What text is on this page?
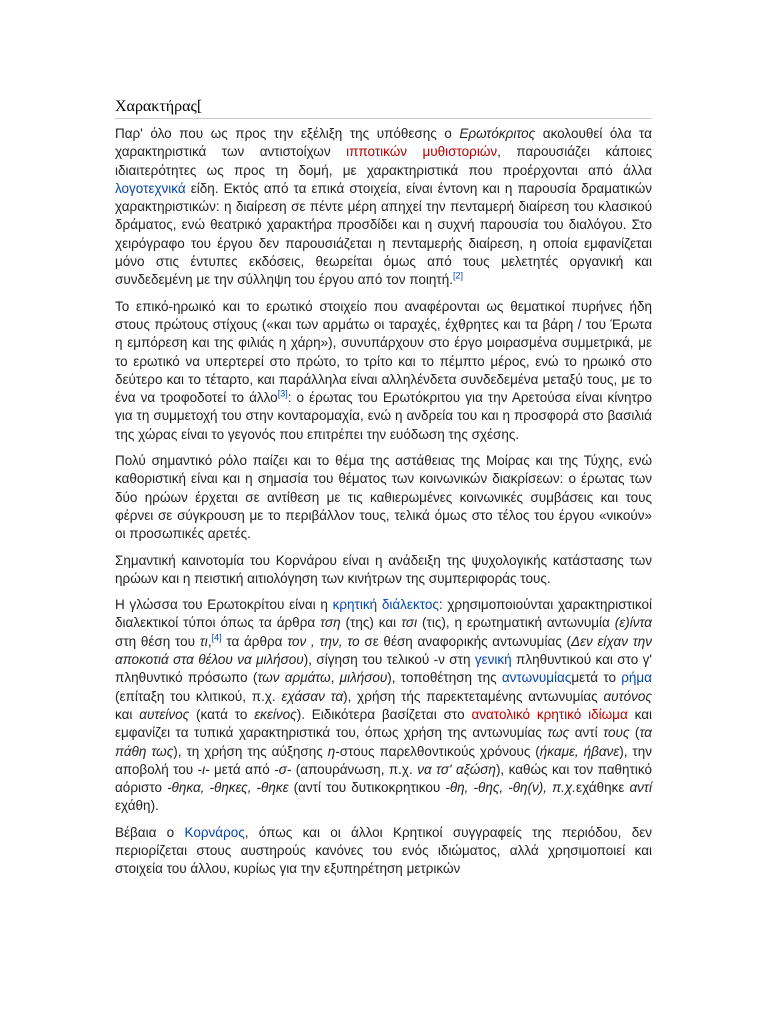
Χαρακτήρας[

Παρ' όλο που ως προς την εξέλιξη της υπόθεσης ο Ερωτόκριτος ακολουθεί όλα τα χαρακτηριστικά των αντιστοίχων ιπποτικών μυθιστοριών, παρουσιάζει κάποιες ιδιαιτερότητες ως προς τη δομή, με χαρακτηριστικά που προέρχονται από άλλα λογοτεχνικά είδη. Εκτός από τα επικά στοιχεία, είναι έντονη και η παρουσία δραματικών χαρακτηριστικών: η διαίρεση σε πέντε μέρη απηχεί την πενταμερή διαίρεση του κλασικού δράματος, ενώ θεατρικό χαρακτήρα προσδίδει και η συχνή παρουσία του διαλόγου. Στο χειρόγραφο του έργου δεν παρουσιάζεται η πενταμερής διαίρεση, η οποία εμφανίζεται μόνο στις έντυπες εκδόσεις, θεωρείται όμως από τους μελετητές οργανική και συνδεδεμένη με την σύλληψη του έργου από τον ποιητή.[2]

Το επικό-ηρωικό και το ερωτικό στοιχείο που αναφέρονται ως θεματικοί πυρήνες ήδη στους πρώτους στίχους («και των αρμάτω οι ταραχές, έχθρητες και τα βάρη / του Έρωτα η εμπόρεση και της φιλιάς η χάρη»), συνυπάρχουν στο έργο μοιρασμένα συμμετρικά, με το ερωτικό να υπερτερεί στο πρώτο, το τρίτο και το πέμπτο μέρος, ενώ το ηρωικό στο δεύτερο και το τέταρτο, και παράλληλα είναι αλληλένδετα συνδεδεμένα μεταξύ τους, με το ένα να τροφοδοτεί το άλλο[3]: ο έρωτας του Ερωτόκριτου για την Αρετούσα είναι κίνητρο για τη συμμετοχή του στην κονταρομαχία, ενώ η ανδρεία του και η προσφορά στο βασιλιά της χώρας είναι το γεγονός που επιτρέπει την ευόδωση της σχέσης.

Πολύ σημαντικό ρόλο παίζει και το θέμα της αστάθειας της Μοίρας και της Τύχης, ενώ καθοριστική είναι και η σημασία του θέματος των κοινωνικών διακρίσεων: ο έρωτας των δύο ηρώων έρχεται σε αντίθεση με τις καθιερωμένες κοινωνικές συμβάσεις και τους φέρνει σε σύγκρουση με το περιβάλλον τους, τελικά όμως στο τέλος του έργου «νικούν» οι προσωπικές αρετές.

Σημαντική καινοτομία του Κορνάρου είναι η ανάδειξη της ψυχολογικής κατάστασης των ηρώων και η πειστική αιτιολόγηση των κινήτρων της συμπεριφοράς τους.

Η γλώσσα του Ερωτοκρίτου είναι η κρητική διάλεκτος: χρησιμοποιούνται χαρακτηριστικοί διαλεκτικοί τύποι όπως τα άρθρα τση (της) και τσι (τις), η ερωτηματική αντωνυμία (ε)ίντα στη θέση του τι,[4] τα άρθρα τον , την, το σε θέση αναφορικής αντωνυμίας (Δεν είχαν την αποκοτιά στα θέλου να μιλήσου), σίγηση του τελικού -ν στη γενική πληθυντικού και στο γ' πληθυντικό πρόσωπο (των αρμάτω, μιλήσου), τοποθέτηση της αντωνυμίαςμετά το ρήμα (επίταξη του κλιτικού, π.χ. εχάσαν τα), χρήση τής παρεκτεταμένης αντωνυμίας αυτόνος και αυτείνος (κατά το εκείνος). Ειδικότερα βασίζεται στο ανατολικό κρητικό ιδίωμα και εμφανίζει τα τυπικά χαρακτηριστικά του, όπως χρήση της αντωνυμίας τως αντί τους (τα πάθη τως), τη χρήση της αύξησης η-στους παρελθοντικούς χρόνους (ήκαμε, ήβανε), την αποβολή του -ι- μετά από -σ- (απουράνωση, π.χ. να τσ' αξώση), καθώς και τον παθητικό αόριστο -θηκα, -θηκες, -θηκε (αντί του δυτικοκρητικου -θη, -θης, -θη(ν), π.χ.εχάθηκε αντί εχάθη).

Βέβαια ο Κορνάρος, όπως και οι άλλοι Κρητικοί συγγραφείς της περιόδου, δεν περιορίζεται στους αυστηρούς κανόνες του ενός ιδιώματος, αλλά χρησιμοποιεί και στοιχεία του άλλου, κυρίως για την εξυπηρέτηση μετρικών
